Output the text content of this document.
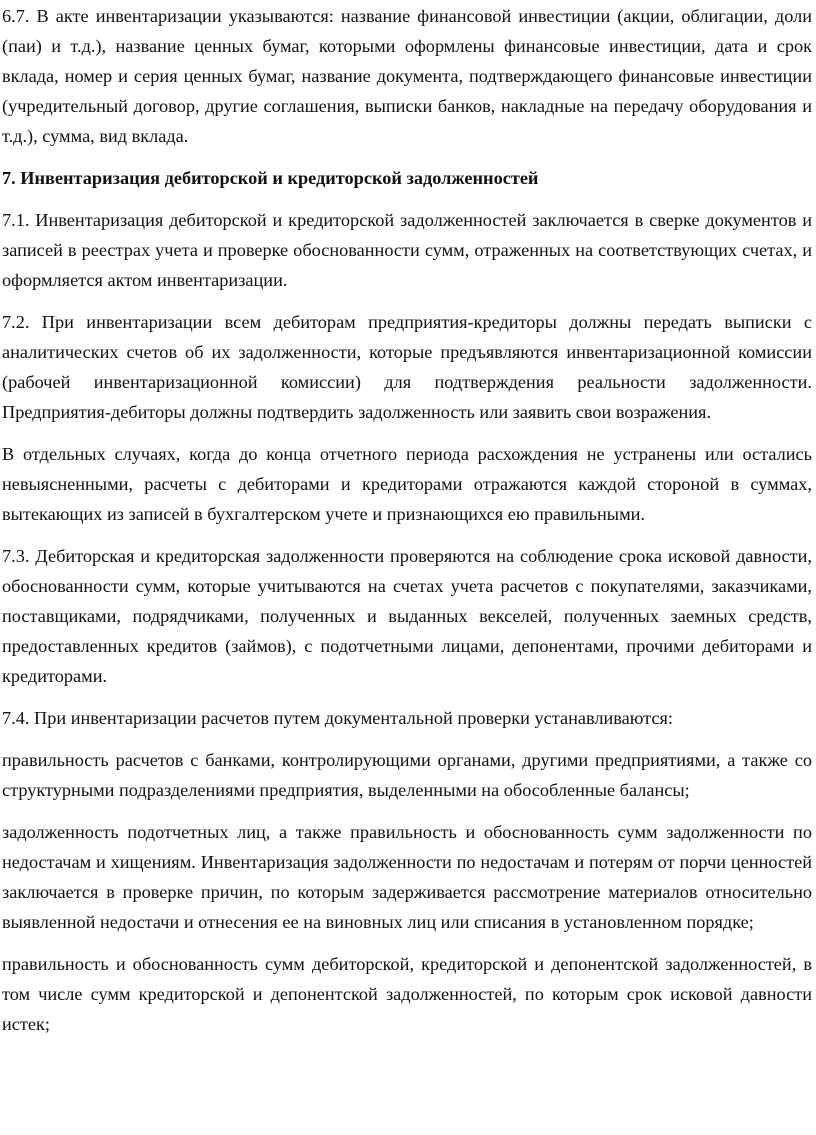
6.7. В акте инвентаризации указываются: название финансовой инвестиции (акции, облигации, доли (паи) и т.д.), название ценных бумаг, которыми оформлены финансовые инвестиции, дата и срок вклада, номер и серия ценных бумаг, название документа, подтверждающего финансовые инвестиции (учредительный договор, другие соглашения, выписки банков, накладные на передачу оборудования и т.д.), сумма, вид вклада.

7. Инвентаризация дебиторской и кредиторской задолженностей

7.1. Инвентаризация дебиторской и кредиторской задолженностей заключается в сверке документов и записей в реестрах учета и проверке обоснованности сумм, отраженных на соответствующих счетах, и оформляется актом инвентаризации.

7.2. При инвентаризации всем дебиторам предприятия-кредиторы должны передать выписки с аналитических счетов об их задолженности, которые предъявляются инвентаризационной комиссии (рабочей инвентаризационной комиссии) для подтверждения реальности задолженности. Предприятия-дебиторы должны подтвердить задолженность или заявить свои возражения.

В отдельных случаях, когда до конца отчетного периода расхождения не устранены или остались невыясненными, расчеты с дебиторами и кредиторами отражаются каждой стороной в суммах, вытекающих из записей в бухгалтерском учете и признающихся ею правильными.

7.3. Дебиторская и кредиторская задолженности проверяются на соблюдение срока исковой давности, обоснованности сумм, которые учитываются на счетах учета расчетов с покупателями, заказчиками, поставщиками, подрядчиками, полученных и выданных векселей, полученных заемных средств, предоставленных кредитов (займов), с подотчетными лицами, депонентами, прочими дебиторами и кредиторами.

7.4. При инвентаризации расчетов путем документальной проверки устанавливаются:

правильность расчетов с банками, контролирующими органами, другими предприятиями, а также со структурными подразделениями предприятия, выделенными на обособленные балансы;

задолженность подотчетных лиц, а также правильность и обоснованность сумм задолженности по недостачам и хищениям. Инвентаризация задолженности по недостачам и потерям от порчи ценностей заключается в проверке причин, по которым задерживается рассмотрение материалов относительно выявленной недостачи и отнесения ее на виновных лиц или списания в установленном порядке;

правильность и обоснованность сумм дебиторской, кредиторской и депонентской задолженностей, в том числе сумм кредиторской и депонентской задолженностей, по которым срок исковой давности истек;
